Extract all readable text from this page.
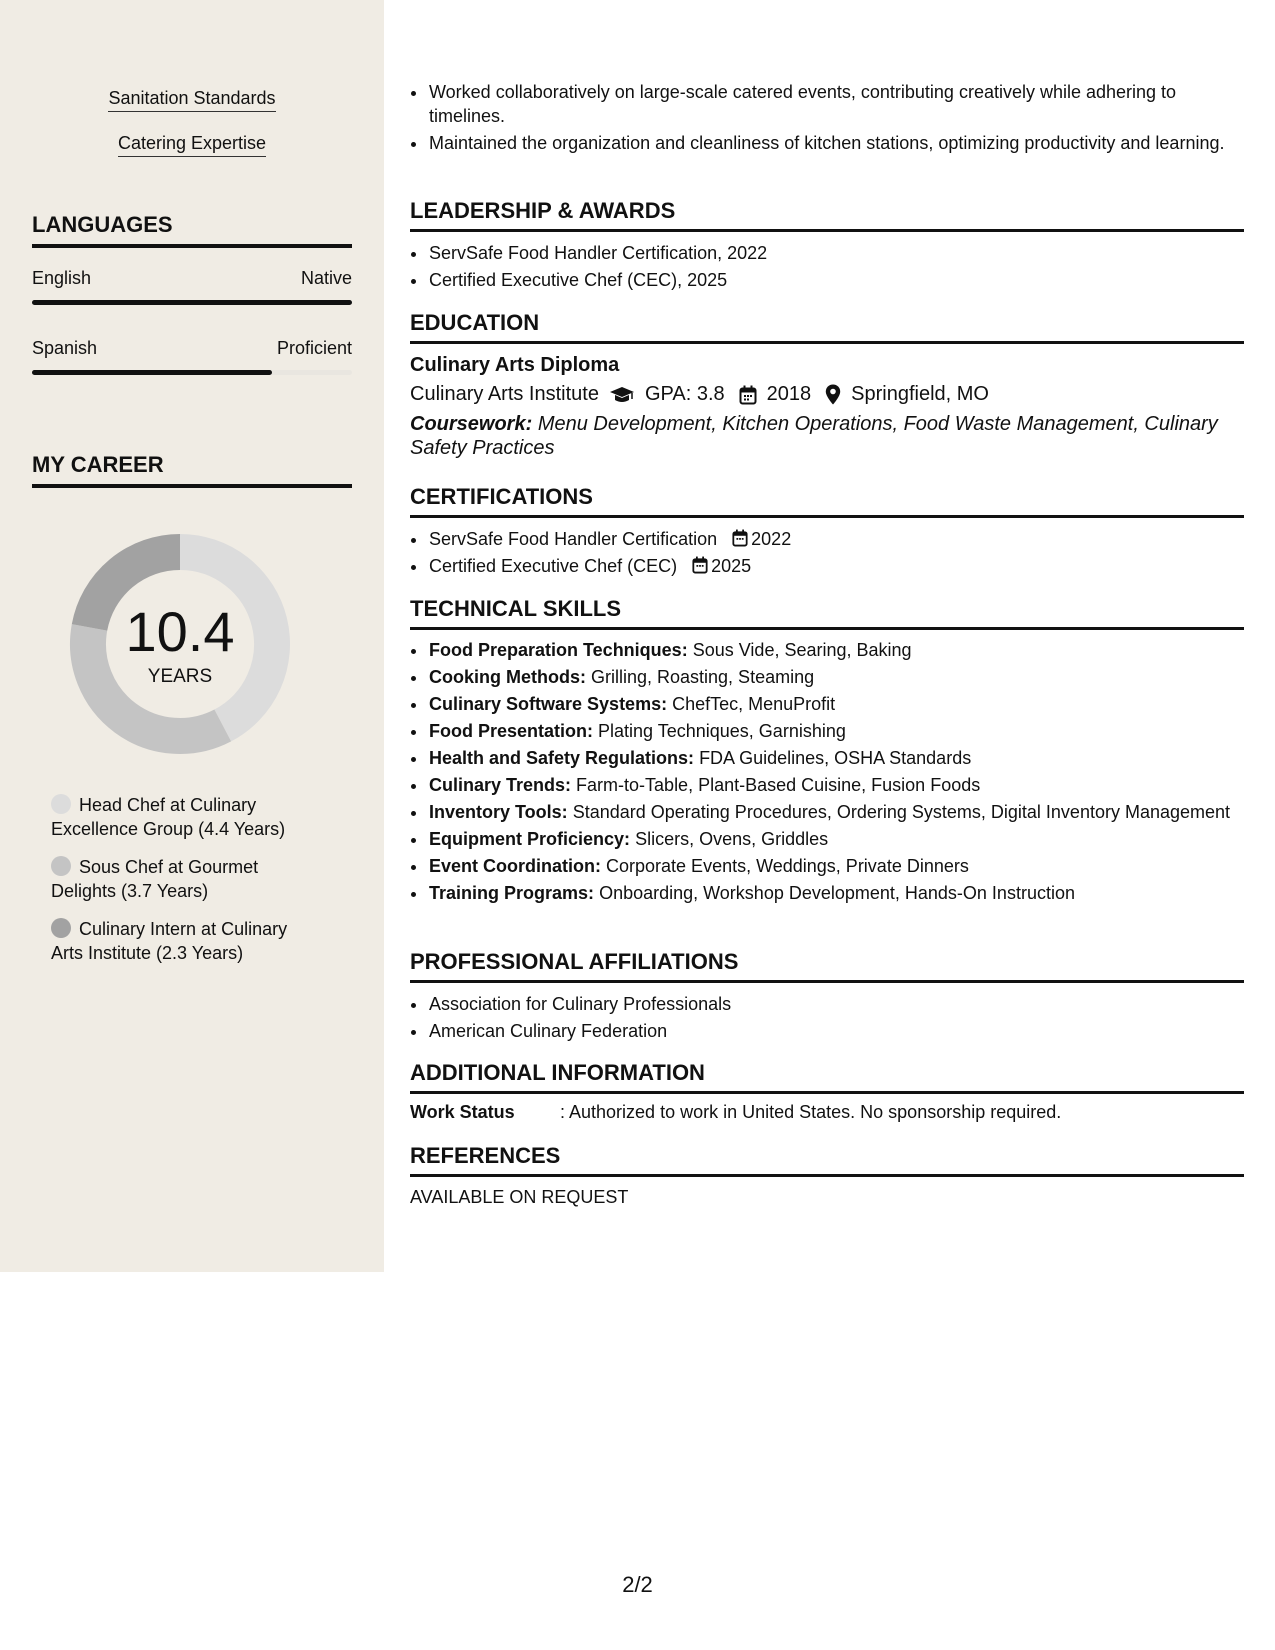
Sanitation Standards
Catering Expertise
LANGUAGES
English	Native
Spanish	Proficient
MY CAREER
10.4
YEARS
Head Chef at Culinary Excellence Group (4.4 Years)
Sous Chef at Gourmet Delights (3.7 Years)
Culinary Intern at Culinary Arts Institute (2.3 Years)
• Worked collaboratively on large-scale catered events, contributing creatively while adhering to timelines.
• Maintained the organization and cleanliness of kitchen stations, optimizing productivity and learning.
LEADERSHIP & AWARDS
• ServSafe Food Handler Certification, 2022
• Certified Executive Chef (CEC), 2025
EDUCATION
Culinary Arts Diploma
Culinary Arts Institute GPA: 3.8 2018 Springfield, MO
Coursework: Menu Development, Kitchen Operations, Food Waste Management, Culinary Safety Practices
CERTIFICATIONS
• ServSafe Food Handler Certification 2022
• Certified Executive Chef (CEC) 2025
TECHNICAL SKILLS
• Food Preparation Techniques: Sous Vide, Searing, Baking
• Cooking Methods: Grilling, Roasting, Steaming
• Culinary Software Systems: ChefTec, MenuProfit
• Food Presentation: Plating Techniques, Garnishing
• Health and Safety Regulations: FDA Guidelines, OSHA Standards
• Culinary Trends: Farm-to-Table, Plant-Based Cuisine, Fusion Foods
• Inventory Tools: Standard Operating Procedures, Ordering Systems, Digital Inventory Management
• Equipment Proficiency: Slicers, Ovens, Griddles
• Event Coordination: Corporate Events, Weddings, Private Dinners
• Training Programs: Onboarding, Workshop Development, Hands-On Instruction
PROFESSIONAL AFFILIATIONS
• Association for Culinary Professionals
• American Culinary Federation
ADDITIONAL INFORMATION
Work Status	: Authorized to work in United States. No sponsorship required.
REFERENCES
AVAILABLE ON REQUEST
2/2
